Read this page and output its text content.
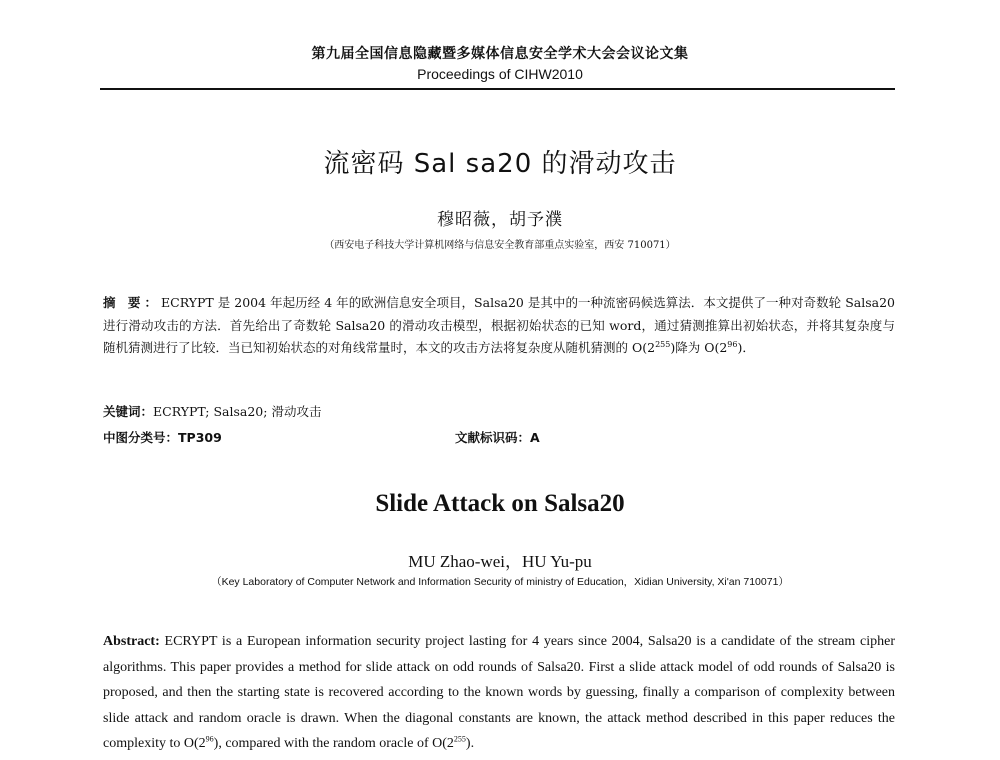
第九届全国信息隐藏暨多媒体信息安全学术大会会议论文集
Proceedings of CIHW2010
流密码 Sal sa20 的滑动攻击
穆昭薇，胡予濮
（西安电子科技大学计算机网络与信息安全教育部重点实验室，西安 710071）
摘 要：ECRYPT 是 2004 年起历经 4 年的欧洲信息安全项目，Salsa20 是其中的一种流密码候选算法．本文提供了一种对奇数轮 Salsa20 进行滑动攻击的方法．首先给出了奇数轮 Salsa20 的滑动攻击模型，根据初始状态的已知 word，通过猜测推算出初始状态，并将其复杂度与随机猜测进行了比较．当已知初始状态的对角线常量时，本文的攻击方法将复杂度从随机猜测的 $O(2^{255})$降为 $O(2^{96})$．
关键词：ECRYPT; Salsa20; 滑动攻击
中图分类号：TP309	文献标识码：A
Slide Attack on Salsa20
MU Zhao-wei，HU Yu-pu
（Key Laboratory of Computer Network and Information Security of ministry of Education，Xidian University, Xi'an 710071）
Abstract: ECRYPT is a European information security project lasting for 4 years since 2004, Salsa20 is a candidate of the stream cipher algorithms. This paper provides a method for slide attack on odd rounds of Salsa20. First a slide attack model of odd rounds of Salsa20 is proposed, and then the starting state is recovered according to the known words by guessing, finally a comparison of complexity between slide attack and random oracle is drawn. When the diagonal constants are known, the attack method described in this paper reduces the complexity to $O(2^{96})$, compared with the random oracle of $O(2^{255})$.
